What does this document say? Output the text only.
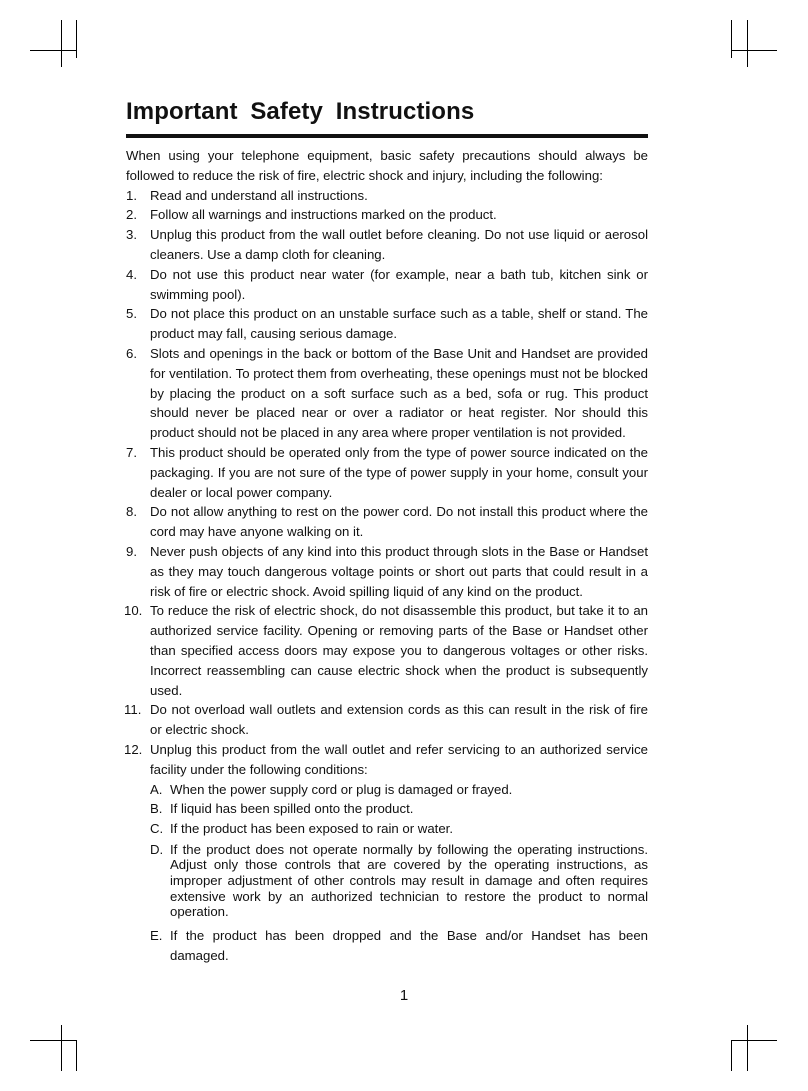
Important Safety Instructions

When using your telephone equipment, basic safety precautions should always be followed to reduce the risk of fire, electric shock and injury, including the following:

1. Read and understand all instructions.
2. Follow all warnings and instructions marked on the product.
3. Unplug this product from the wall outlet before cleaning. Do not use liquid or aerosol cleaners. Use a damp cloth for cleaning.
4. Do not use this product near water (for example, near a bath tub, kitchen sink or swimming pool).
5. Do not place this product on an unstable surface such as a table, shelf or stand. The product may fall, causing serious damage.
6. Slots and openings in the back or bottom of the Base Unit and Handset are provided for ventilation. To protect them from overheating, these openings must not be blocked by placing the product on a soft surface such as a bed, sofa or rug. This product should never be placed near or over a radiator or heat register. Nor should this product should not be placed in any area where proper ventilation is not provided.
7. This product should be operated only from the type of power source indicated on the packaging. If you are not sure of the type of power supply in your home, consult your dealer or local power company.
8. Do not allow anything to rest on the power cord. Do not install this product where the cord may have anyone walking on it.
9. Never push objects of any kind into this product through slots in the Base or Handset as they may touch dangerous voltage points or short out parts that could result in a risk of fire or electric shock. Avoid spilling liquid of any kind on the product.
10. To reduce the risk of electric shock, do not disassemble this product, but take it to an authorized service facility. Opening or removing parts of the Base or Handset other than specified access doors may expose you to dangerous voltages or other risks. Incorrect reassembling can cause electric shock when the product is subsequently used.
11. Do not overload wall outlets and extension cords as this can result in the risk of fire or electric shock.
12. Unplug this product from the wall outlet and refer servicing to an authorized service facility under the following conditions:
A. When the power supply cord or plug is damaged or frayed.
B. If liquid has been spilled onto the product.
C. If the product has been exposed to rain or water.
D. If the product does not operate normally by following the operating instructions. Adjust only those controls that are covered by the operating instructions, as improper adjustment of other controls may result in damage and often requires extensive work by an authorized technician to restore the product to normal operation.
E. If the product has been dropped and the Base and/or Handset has been damaged.
1
